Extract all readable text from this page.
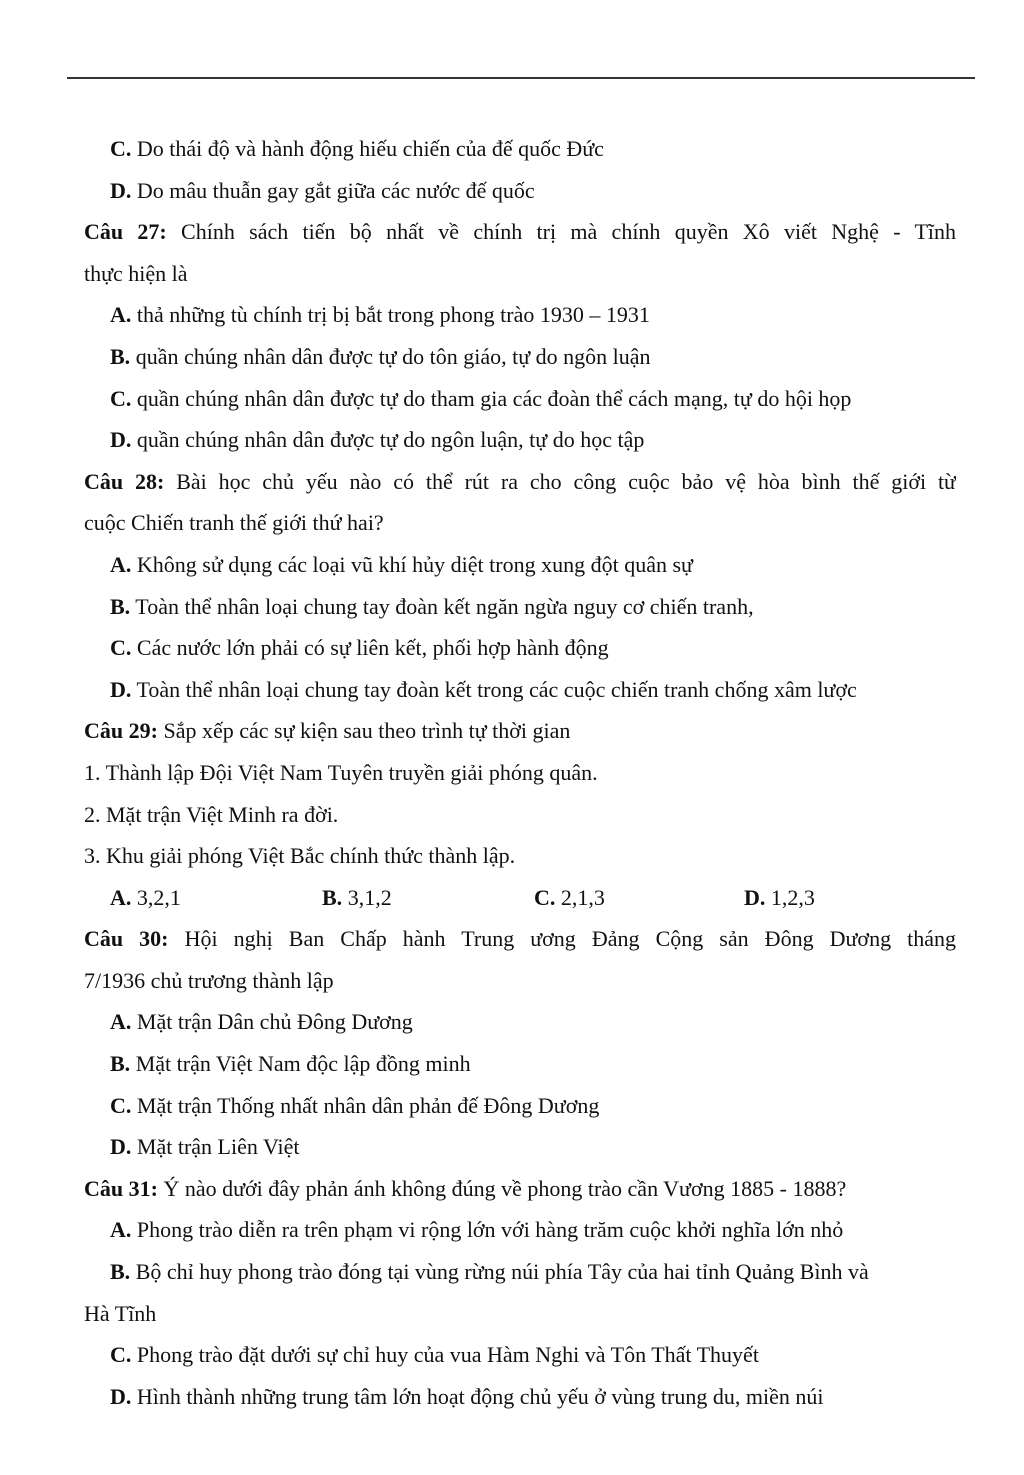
C. Do thái độ và hành động hiếu chiến của đế quốc Đức
D. Do mâu thuẫn gay gắt giữa các nước đế quốc
Câu 27: Chính sách tiến bộ nhất về chính trị mà chính quyền Xô viết Nghệ - Tĩnh
thực hiện là
A. thả những tù chính trị bị bắt trong phong trào 1930 – 1931
B. quần chúng nhân dân được tự do tôn giáo, tự do ngôn luận
C. quần chúng nhân dân được tự do tham gia các đoàn thể cách mạng, tự do hội họp
D. quần chúng nhân dân được tự do ngôn luận, tự do học tập
Câu 28: Bài học chủ yếu nào có thể rút ra cho công cuộc bảo vệ hòa bình thế giới từ
cuộc Chiến tranh thế giới thứ hai?
A. Không sử dụng các loại vũ khí hủy diệt trong xung đột quân sự
B. Toàn thể nhân loại chung tay đoàn kết ngăn ngừa nguy cơ chiến tranh,
C. Các nước lớn phải có sự liên kết, phối hợp hành động
D. Toàn thể nhân loại chung tay đoàn kết trong các cuộc chiến tranh chống xâm lược
Câu 29: Sắp xếp các sự kiện sau theo trình tự thời gian
1. Thành lập Đội Việt Nam Tuyên truyền giải phóng quân.
2. Mặt trận Việt Minh ra đời.
3. Khu giải phóng Việt Bắc chính thức thành lập.
A. 3,2,1	B. 3,1,2	C. 2,1,3	D. 1,2,3
Câu 30: Hội nghị Ban Chấp hành Trung ương Đảng Cộng sản Đông Dương tháng
7/1936 chủ trương thành lập
A. Mặt trận Dân chủ Đông Dương
B. Mặt trận Việt Nam độc lập đồng minh
C. Mặt trận Thống nhất nhân dân phản đế Đông Dương
D. Mặt trận Liên Việt
Câu 31: Ý nào dưới đây phản ánh không đúng về phong trào cần Vương 1885 - 1888?
A. Phong trào diễn ra trên phạm vi rộng lớn với hàng trăm cuộc khởi nghĩa lớn nhỏ
B. Bộ chỉ huy phong trào đóng tại vùng rừng núi phía Tây của hai tỉnh Quảng Bình và
Hà Tĩnh
C. Phong trào đặt dưới sự chỉ huy của vua Hàm Nghi và Tôn Thất Thuyết
D. Hình thành những trung tâm lớn hoạt động chủ yếu ở vùng trung du, miền núi
